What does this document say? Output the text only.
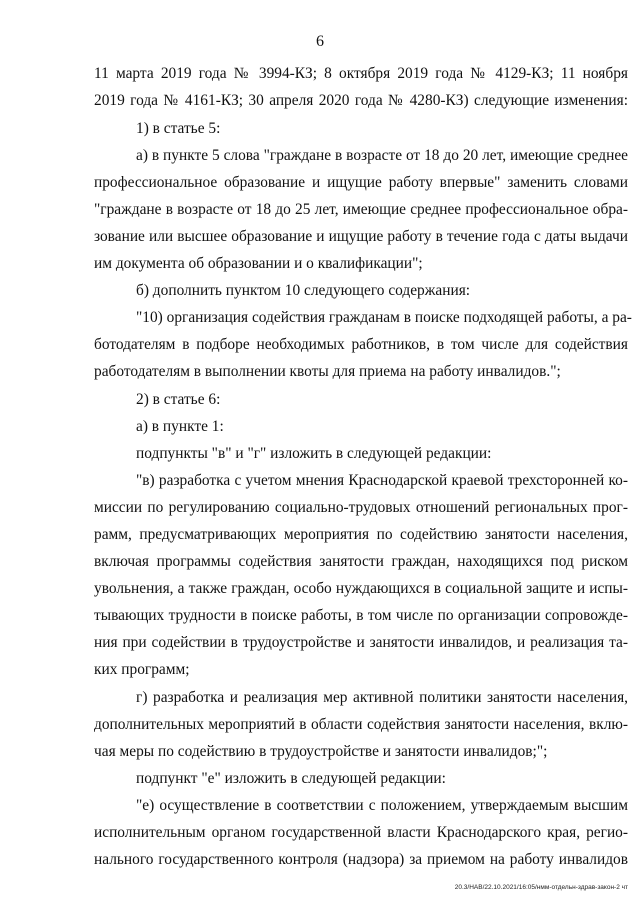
6
11 марта 2019 года № 3994-КЗ; 8 октября 2019 года № 4129-КЗ; 11 ноября
2019 года № 4161-КЗ; 30 апреля 2020 года № 4280-КЗ) следующие изменения:
1) в статье 5:
а) в пункте 5 слова "граждане в возрасте от 18 до 20 лет, имеющие среднее
профессиональное образование и ищущие работу впервые" заменить словами
"граждане в возрасте от 18 до 25 лет, имеющие среднее профессиональное обра-
зование или высшее образование и ищущие работу в течение года с даты выдачи
им документа об образовании и о квалификации";
б) дополнить пунктом 10 следующего содержания:
"10) организация содействия гражданам в поиске подходящей работы, а ра-
ботодателям в подборе необходимых работников, в том числе для содействия
работодателям в выполнении квоты для приема на работу инвалидов.";
2) в статье 6:
а) в пункте 1:
подпункты "в" и "г" изложить в следующей редакции:
"в) разработка с учетом мнения Краснодарской краевой трехсторонней ко-
миссии по регулированию социально-трудовых отношений региональных прог-
рамм, предусматривающих мероприятия по содействию занятости населения,
включая программы содействия занятости граждан, находящихся под риском
увольнения, а также граждан, особо нуждающихся в социальной защите и испы-
тывающих трудности в поиске работы, в том числе по организации сопровожде-
ния при содействии в трудоустройстве и занятости инвалидов, и реализация та-
ких программ;
г) разработка и реализация мер активной политики занятости населения,
дополнительных мероприятий в области содействия занятости населения, вклю-
чая меры по содействию в трудоустройстве и занятости инвалидов;";
подпункт "е" изложить в следующей редакции:
"е) осуществление в соответствии с положением, утверждаемым высшим
исполнительным органом государственной власти Краснодарского края, регио-
нального государственного контроля (надзора) за приемом на работу инвалидов
20.3/НАВ/22.10.2021/16:05/нмм-отдельн-здрав-закон-2 чт
